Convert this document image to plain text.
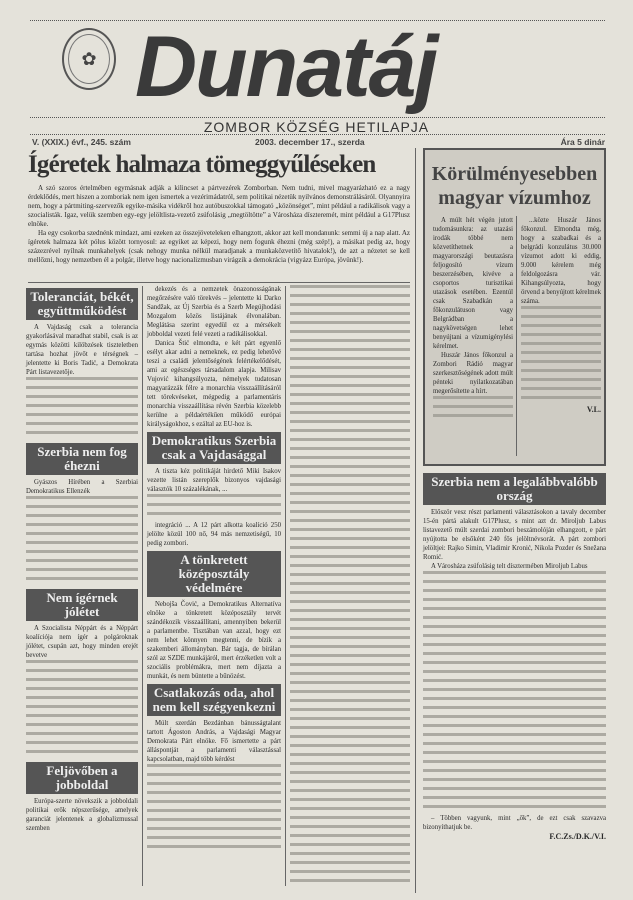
✿ Dunatáj
ZOMBOR KÖZSÉG HETILAPJA
V. (XXIX.) évf., 245. szám	2003. december 17., szerda	Ára 5 dinár
Ígéretek halmaza tömeggyűléseken

A szó szoros értelmében egymásnak adják a kilincset a pártvezérek Zomborban. Nem tudni, mivel magyarázható ez a nagy érdeklődés, mert hiszen a zomboriak nem igen ismertek a vezérimádatról, sem politikai nézetük nyilvános demonstrálásáról. Olyannyira nem, hogy a pártmiting-szervezők egyike-másika vidékről hoz autóbuszokkal támogató „közönséget”, mint például a radikálisok vagy a szocialisták. Igaz, velük szemben egy-egy jelöltlista-vezető zsúfolásig „megtöltötte” a Városháza díszteremét, mint például a G17Plusz elnöke.

Ha egy csokorba szednénk mindazt, ami ezeken az összejöveteleken elhangzott, akkor azt kell mondanunk: semmi új a nap alatt. Az ígéretek halmaza két pólus között tornyosul: az egyiket az képezi, hogy nem fogunk éhezni (még szép!), a másikat pedig az, hogy százezrével nyílnak munkahelyek (csak nehogy munka nélkül maradjanak a munkaközvetítő hivatalok!), de azt a nézetet se kell mellőzni, hogy nemzetben él a polgár, illetve hogy nacionalizmusban virágzik a demokrácia (vigyázz Európa, jövünk!).

Toleranciát, békét, együttműködést

A Vajdaság csak a tolerancia gyakorlásával maradhat stabil, csak is az egymás közötti kilöbzések tiszteletben tartása hozhat jövőt e térségnek – jelentette ki Boris Tadić, a Demokrata Párt listavezetője.

Szerbia nem fog éhezni

Gyászos Hírében a Szerbiai Demokratikus Ellenzék

Nem ígérnek jólétet

A Szocialista Néppárt és a Néppárt koalíciója nem ígér a polgároknak jólétet, csupán azt, hogy minden erejét bevetve

Feljövőben a jobboldal

Európa-szerte növekszik a jobboldali politikai erők népszerűsége, amelyek garanciát jelentenek a globalizmussal szemben

dekezés és a nemzetek önazonosságának megőrzésére való törekvés – jelentette ki Darko Sandžak, az Új Szerbia és a Szerb Megújhodási Mozgalom közös listájának élvonalában. Meglátása szerint egyedül ez a mérsékelt jobboldal vezeti felé vezeti a radikálisokkal.

Danica Štić elmondta, e két párt egyenlő esélyt akar adni a nemeknek, ez pedig lehetővé teszi a családi jelentőségének felértékelődését, ami az egészséges társadalom alapja. Milisav Vujović kihangsúlyozta, némelyek tudatosan magyarázzák félre a monarchia visszaállításáról tett törekvéseket, mégpedig a parlamentáris monarchia visszaállítása révén Szerbia közelebb kerülne a példaértékűen működő európai királyságokhoz, s ezáltal az EU-hoz is.

Demokratikus Szerbia csak a Vajdasággal

A tiszta kéz politikáját hirdető Miki Isakov vezette listán szereplők bizonyos vajdasági választók 10 százalékának, ...

integráció ... A 12 párt alkotta koalíció 250 jelölte közül 100 nő, 94 más nemzetiségű, 10 pedig zombori.

A tönkretett középosztály védelmére

Nebojša Čović, a Demokratikus Alternatíva elnöke a tönkretett középosztály tervét szándékozik visszaállítani, amennyiben bekerül a parlamentbe. Tisztában van azzal, hogy ezt nem lehet könnyen megtenni, de bízik a szakemberi állományban. Bár tagja, de bírálan szól az SZDE munkájáról, mert érzéketlen volt a szociális problémákra, mert nem díjazta a munkát, és nem büntette a bűnözést.

Csatlakozás oda, ahol nem kell szégyenkezni

Múlt szerdán Bezdánban bánusságtalant tartott Ágoston András, a Vajdasági Magyar Demokrata Párt elnöke. Fő ismertette a párt álláspontját a parlamenti választással kapcsolatban, majd több kérdést

Körülményesebben magyar vízumhoz

A múlt hét végén jutott tudomásunkra: az utazási irodák többé nem közvetíthetnek a magyarországi beutazásra feljogosító vízum beszerzésében, kivéve a csoportos turisztikai utazások esetében. Ezentúl csak Szabadkán a főkonzulátuson vagy Belgrádban a nagykövetségen lehet benyújtani a vízumigénylési kérelmet.

Huszár János főkonzul a Zombori Rádió magyar szerkesztőségének adott múlt pénteki nyilatkozatában megerősítette a hírt.

...közte Huszár János főkonzul. Elmondta még, hogy a szabadkai és a belgrádi konzulátus 30.000 vízumot adott ki eddig, 9.000 kérelem még feldolgozásra vár. Kihangsúlyozta, hogy örvend a benyújtott kérelmek száma.

V.L.

Szerbia nem a legalábbvalóbb ország

Először vesz részt parlamenti választásokon a tavaly december 15-én pártá alakult G17Plusz, s mint azt dr. Miroljub Labus listavezető múlt szerdai zombori beszámolóján elhangzott, e párt nyújtotta be elsőként 240 fős jelöltnévsorát. A párt zombori jelöltjei: Rajko Simin, Vladimir Kronić, Nikola Pozder és Snežana Romić.

A Városháza zsúfolásig telt dísztermében Miroljub Labus

– Többen vagyunk, mint „ők”, de ezt csak szavazva bizonyíthatjuk be.

F.C.Zs./D.K./V.I.
